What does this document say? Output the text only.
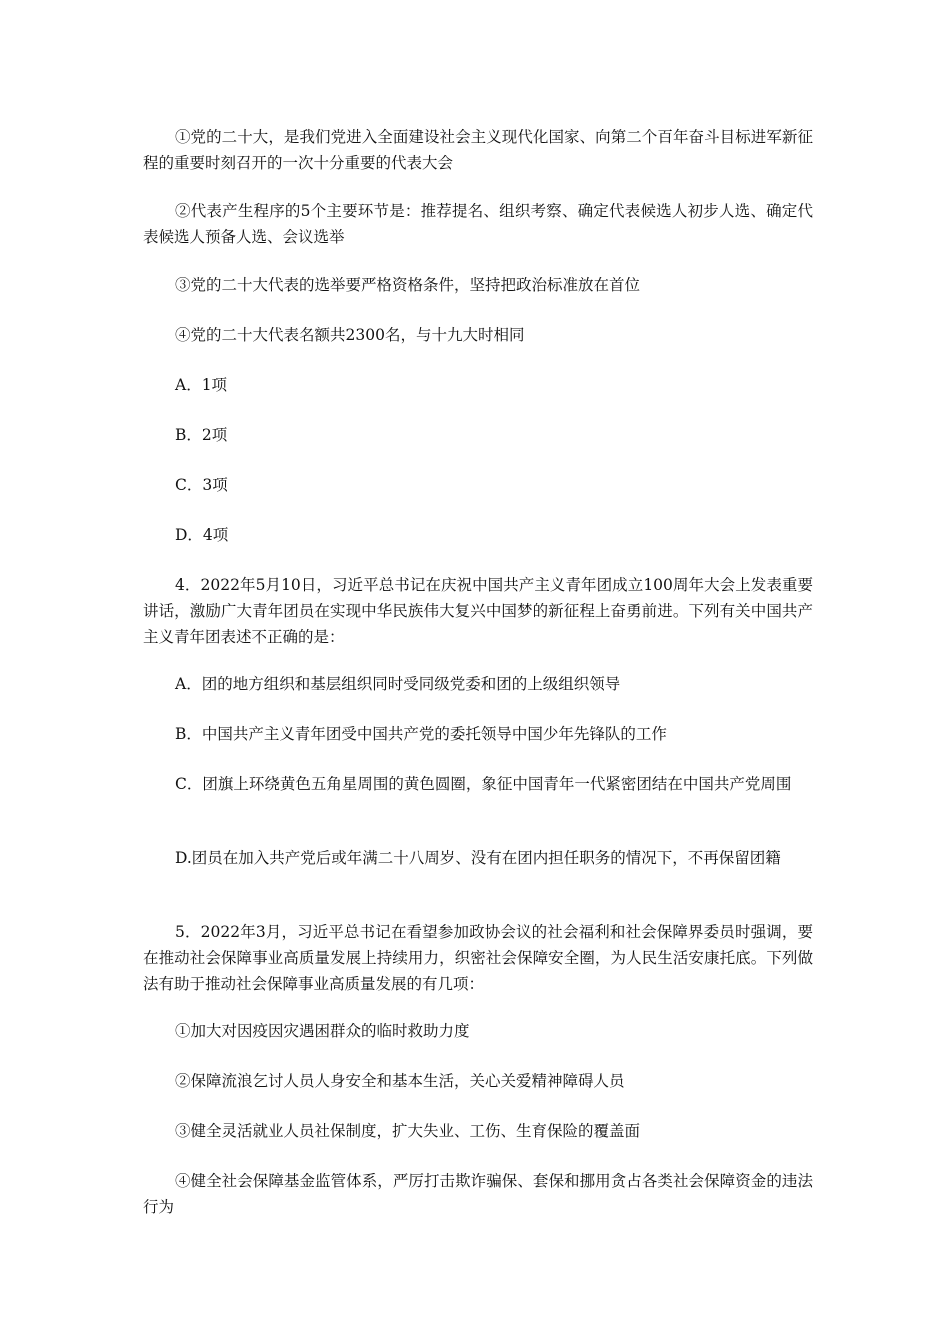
①党的二十大，是我们党进入全面建设社会主义现代化国家、向第二个百年奋斗目标进军新征程的重要时刻召开的一次十分重要的代表大会

②代表产生程序的5个主要环节是：推荐提名、组织考察、确定代表候选人初步人选、确定代表候选人预备人选、会议选举

③党的二十大代表的选举要严格资格条件，坚持把政治标准放在首位

④党的二十大代表名额共2300名，与十九大时相同

A．1项

B．2项

C．3项

D．4项

4．2022年5月10日，习近平总书记在庆祝中国共产主义青年团成立100周年大会上发表重要讲话，激励广大青年团员在实现中华民族伟大复兴中国梦的新征程上奋勇前进。下列有关中国共产主义青年团表述不正确的是：

A．团的地方组织和基层组织同时受同级党委和团的上级组织领导

B．中国共产主义青年团受中国共产党的委托领导中国少年先锋队的工作

C．团旗上环绕黄色五角星周围的黄色圆圈，象征中国青年一代紧密团结在中国共产党周围

D.团员在加入共产党后或年满二十八周岁、没有在团内担任职务的情况下，不再保留团籍

5．2022年3月，习近平总书记在看望参加政协会议的社会福利和社会保障界委员时强调，要在推动社会保障事业高质量发展上持续用力，织密社会保障安全圈，为人民生活安康托底。下列做法有助于推动社会保障事业高质量发展的有几项：

①加大对因疫因灾遇困群众的临时救助力度

②保障流浪乞讨人员人身安全和基本生活，关心关爱精神障碍人员

③健全灵活就业人员社保制度，扩大失业、工伤、生育保险的覆盖面

④健全社会保障基金监管体系，严厉打击欺诈骗保、套保和挪用贪占各类社会保障资金的违法行为
